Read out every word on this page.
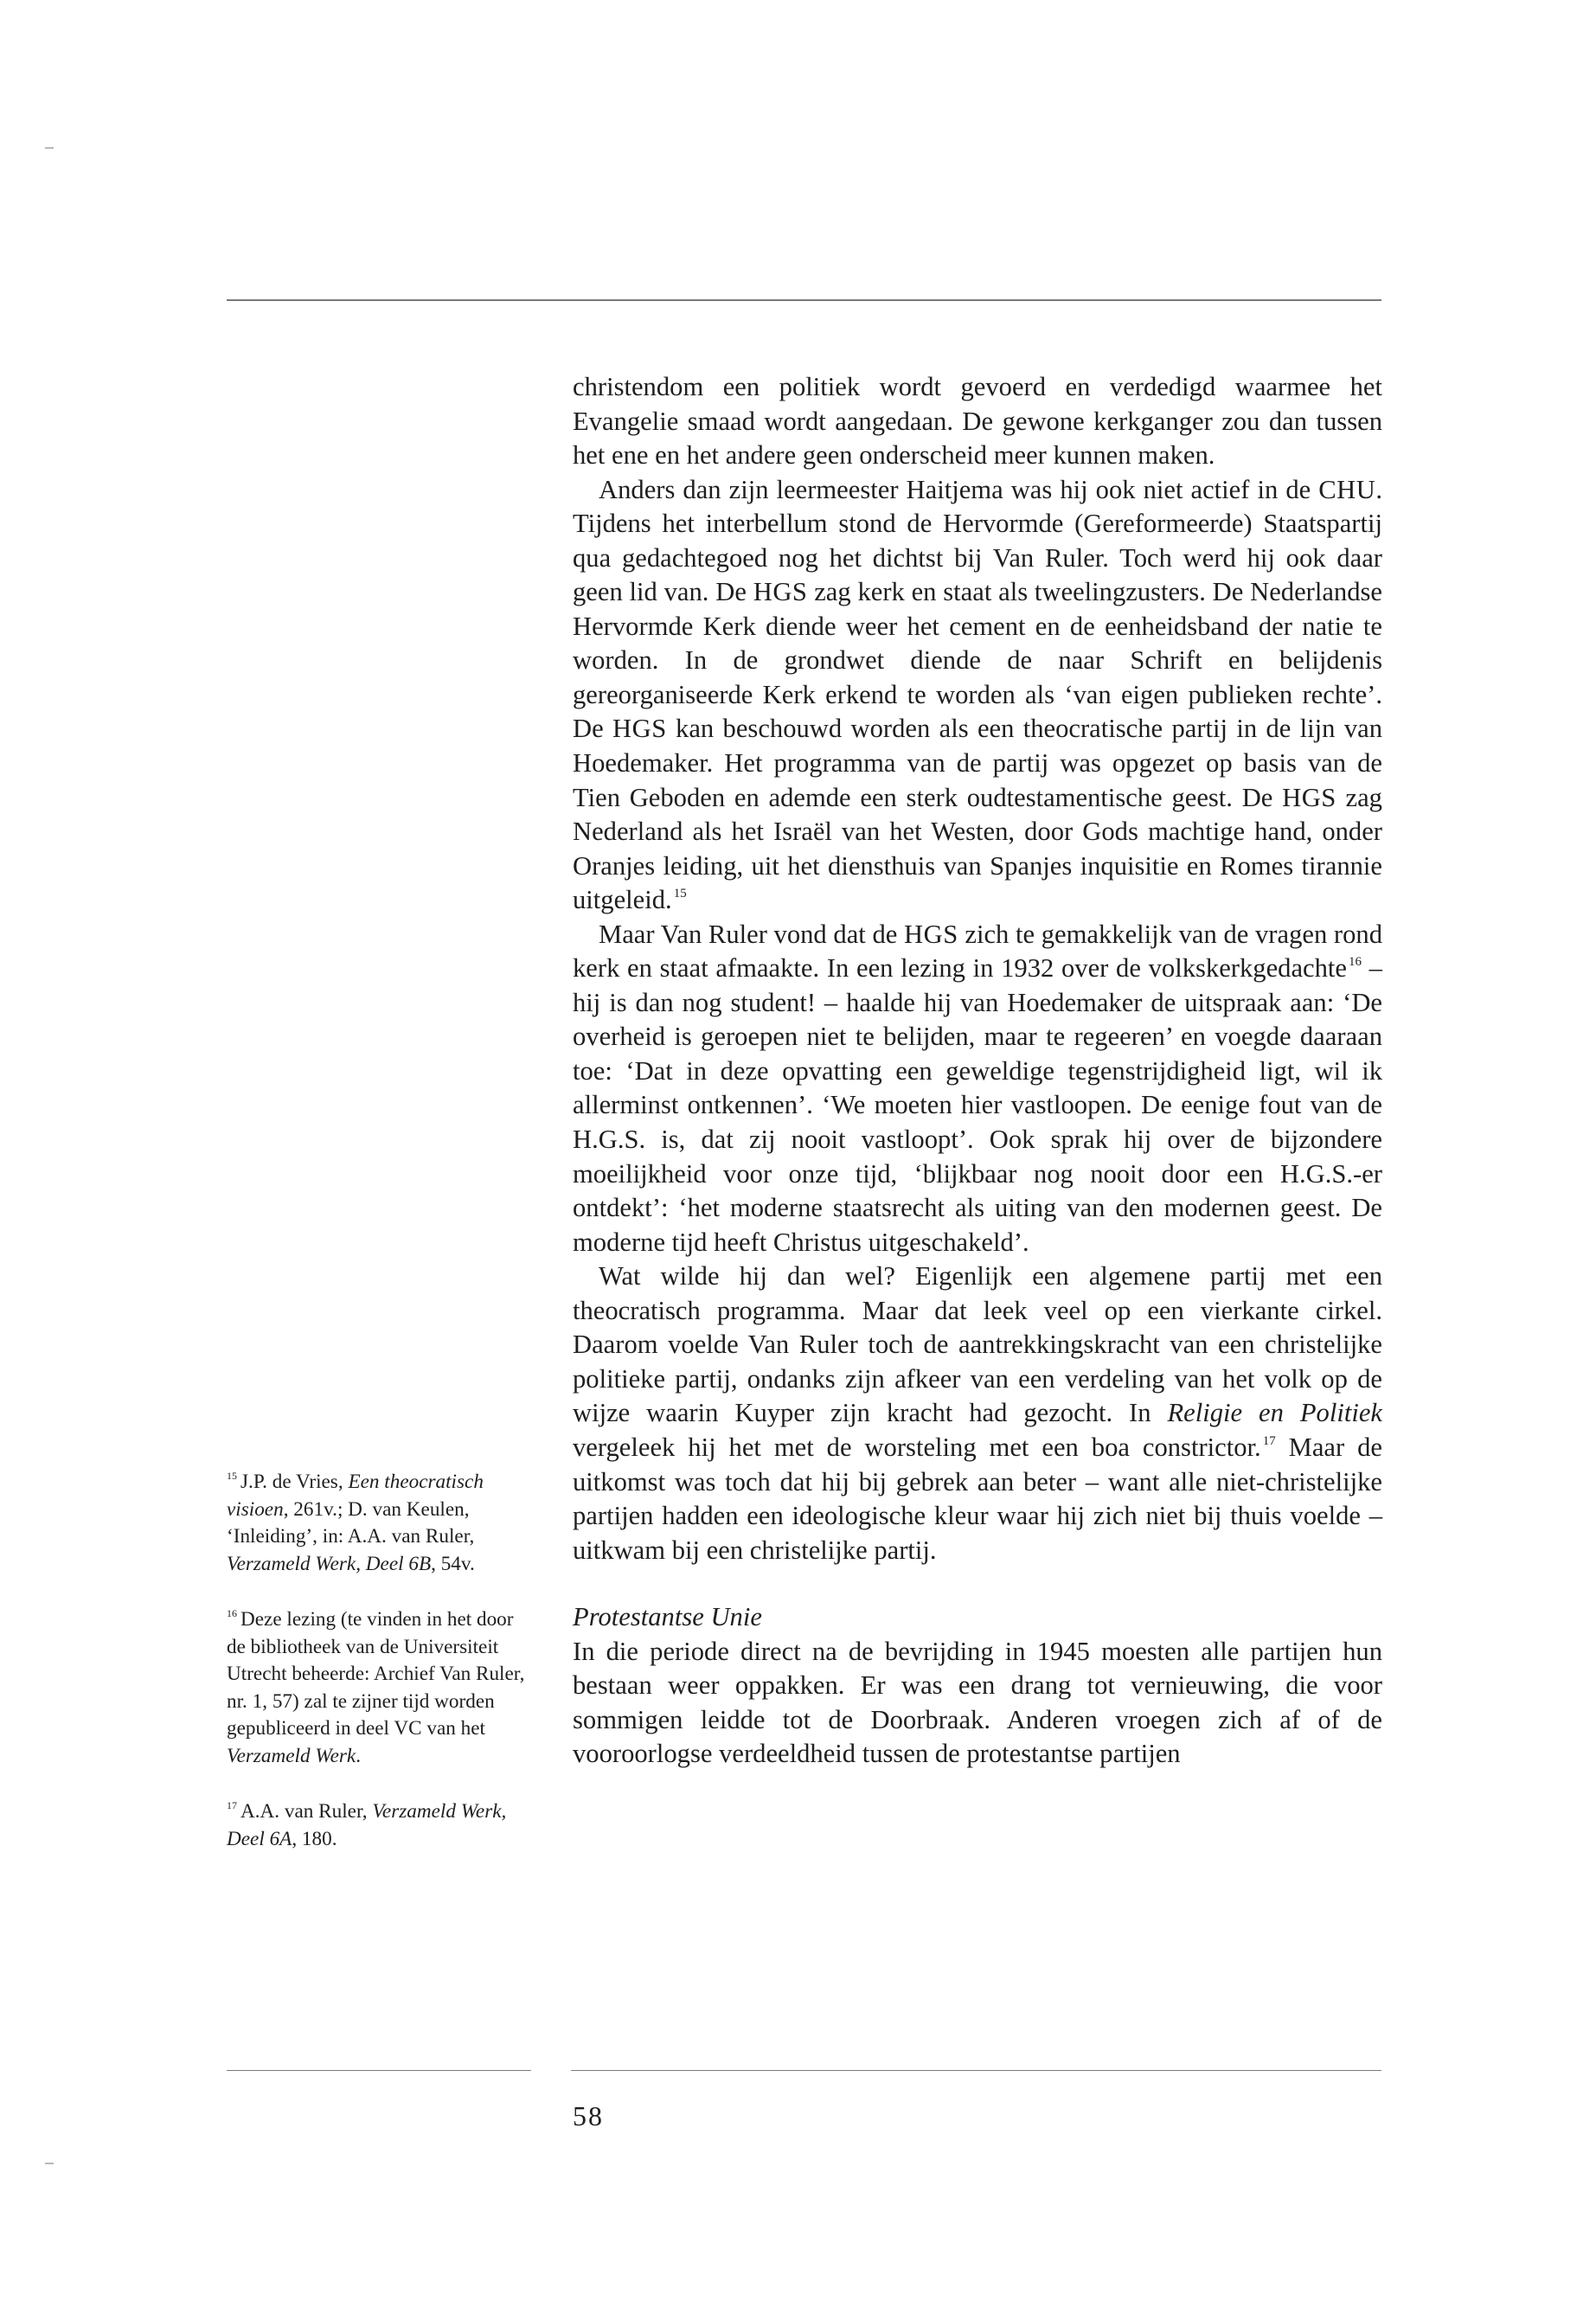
$^{15}$ J.P. de Vries, Een theocratisch visioen, 261v.; D. van Keulen, ‘Inleiding’, in: A.A. van Ruler, Verzameld Werk, Deel 6B, 54v.

$^{16}$ Deze lezing (te vinden in het door de bibliotheek van de Universiteit Utrecht beheerde: Archief Van Ruler, nr. 1, 57) zal te zijner tijd worden gepubliceerd in deel VC van het Verzameld Werk.

$^{17}$ A.A. van Ruler, Verzameld Werk, Deel 6A, 180.

christendom een politiek wordt gevoerd en verdedigd waarmee het Evangelie smaad wordt aangedaan. De gewone kerkganger zou dan tussen het ene en het andere geen onderscheid meer kunnen maken.

Anders dan zijn leermeester Haitjema was hij ook niet actief in de CHU. Tijdens het interbellum stond de Hervormde (Gereformeerde) Staatspartij qua gedachtegoed nog het dichtst bij Van Ruler. Toch werd hij ook daar geen lid van. De HGS zag kerk en staat als tweelingzusters. De Nederlandse Hervormde Kerk diende weer het cement en de eenheidsband der natie te worden. In de grondwet diende de naar Schrift en belijdenis gereorganiseerde Kerk erkend te worden als ‘van eigen publieken rechte’. De HGS kan beschouwd worden als een theocratische partij in de lijn van Hoedemaker. Het programma van de partij was opgezet op basis van de Tien Geboden en ademde een sterk oudtestamentische geest. De HGS zag Nederland als het Israël van het Westen, door Gods machtige hand, onder Oranjes leiding, uit het diensthuis van Spanjes inquisitie en Romes tirannie uitgeleid. $^{15}$

Maar Van Ruler vond dat de HGS zich te gemakkelijk van de vragen rond kerk en staat afmaakte. In een lezing in 1932 over de volkskerkgedachte $^{16}$ – hij is dan nog student! – haalde hij van Hoedemaker de uitspraak aan: ‘De overheid is geroepen niet te belijden, maar te regeeren’ en voegde daaraan toe: ‘Dat in deze opvatting een geweldige tegenstrijdigheid ligt, wil ik allerminst ontkennen’. ‘We moeten hier vastloopen. De eenige fout van de H.G.S. is, dat zij nooit vastloopt’. Ook sprak hij over de bijzondere moeilijkheid voor onze tijd, ‘blijkbaar nog nooit door een H.G.S.-er ontdekt’: ‘het moderne staatsrecht als uiting van den modernen geest. De moderne tijd heeft Christus uitgeschakeld’.

Wat wilde hij dan wel? Eigenlijk een algemene partij met een theocratisch programma. Maar dat leek veel op een vierkante cirkel. Daarom voelde Van Ruler toch de aantrekkingskracht van een christelijke politieke partij, ondanks zijn afkeer van een verdeling van het volk op de wijze waarin Kuyper zijn kracht had gezocht. In Religie en Politiek vergeleek hij het met de worsteling met een boa constrictor. $^{17}$ Maar de uitkomst was toch dat hij bij gebrek aan beter – want alle niet-christelijke partijen hadden een ideologische kleur waar hij zich niet bij thuis voelde – uitkwam bij een christelijke partij.

Protestantse Unie

In die periode direct na de bevrijding in 1945 moesten alle partijen hun bestaan weer oppakken. Er was een drang tot vernieuwing, die voor sommigen leidde tot de Doorbraak. Anderen vroegen zich af of de vooroorlogse verdeeldheid tussen de protestantse partijen

58
